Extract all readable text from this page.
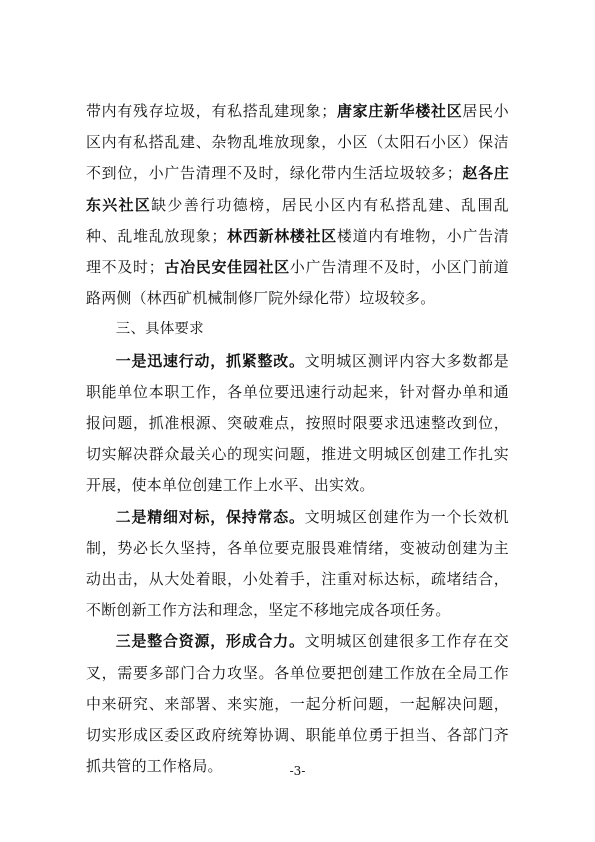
带内有残存垃圾，有私搭乱建现象；唐家庄新华楼社区居民小区内有私搭乱建、杂物乱堆放现象，小区（太阳石小区）保洁不到位，小广告清理不及时，绿化带内生活垃圾较多；赵各庄东兴社区缺少善行功德榜，居民小区内有私搭乱建、乱围乱种、乱堆乱放现象；林西新林楼社区楼道内有堆物，小广告清理不及时；古冶民安佳园社区小广告清理不及时，小区门前道路两侧（林西矿机械制修厂院外绿化带）垃圾较多。

三、具体要求

一是迅速行动，抓紧整改。文明城区测评内容大多数都是职能单位本职工作，各单位要迅速行动起来，针对督办单和通报问题，抓准根源、突破难点，按照时限要求迅速整改到位，切实解决群众最关心的现实问题，推进文明城区创建工作扎实开展，使本单位创建工作上水平、出实效。

二是精细对标，保持常态。文明城区创建作为一个长效机制，势必长久坚持，各单位要克服畏难情绪，变被动创建为主动出击，从大处着眼，小处着手，注重对标达标，疏堵结合，不断创新工作方法和理念，坚定不移地完成各项任务。

三是整合资源，形成合力。文明城区创建很多工作存在交叉，需要多部门合力攻坚。各单位要把创建工作放在全局工作中来研究、来部署、来实施，一起分析问题，一起解决问题，切实形成区委区政府统筹协调、职能单位勇于担当、各部门齐抓共管的工作格局。	-3-
